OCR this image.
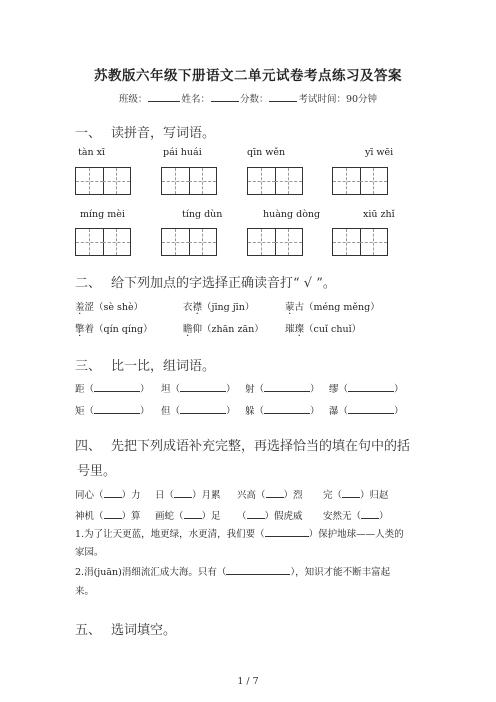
苏教版六年级下册语文二单元试卷考点练习及答案
班级：	姓名：	分数：	考试时间：90分钟
一、 读拼音，写词语。
tàn xī	pái huái	qīn wěn	yī wēi
míng mèi	tíng dùn	huàng dòng	xiū zhǐ
二、 给下列加点的字选择正确读音打“ √ ”。
羞涩（sè shè）	衣襟（jīng jīn）	蒙古（méng měng）
擎着（qín qíng）	瞻仰（zhān zān） 璀璨（cuǐ chuǐ）
三、 比一比，组词语。
距（	） 坦（	） 射（	） 缪（	）
矩（	） 但（	） 躲（	） 瀑（	）
四、 先把下列成语补充完整，再选择恰当的填在句中的括
号里。
同心（ ）力 日（ ）月累 兴高（ ）烈 完（ ）归赵
神机（ ）算 画蛇（ ）足 （ ）假虎威 安然无（ ）
1.为了让天更蓝，地更绿，水更清，我们要（	）保护地球——人类的
家园。
2.涓(juān)涓细流汇成大海。只有（	），知识才能不断丰富起
来。
五、 选词填空。
1 / 7
